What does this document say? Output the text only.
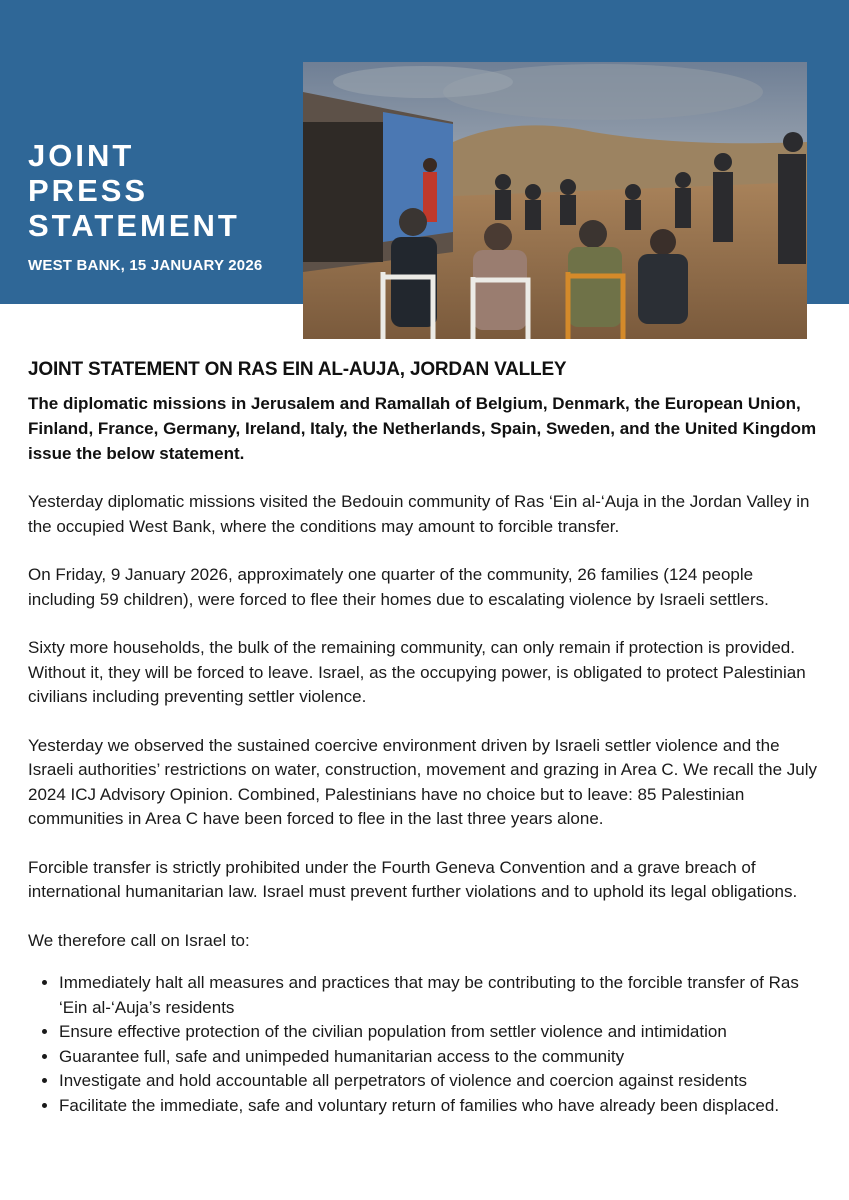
JOINT
PRESS
STATEMENT

WEST BANK, 15 JANUARY 2026

JOINT STATEMENT ON RAS EIN AL-AUJA, JORDAN VALLEY

The diplomatic missions in Jerusalem and Ramallah of Belgium, Denmark, the European Union, Finland, France, Germany, Ireland, Italy, the Netherlands, Spain, Sweden, and the United Kingdom issue the below statement.

Yesterday diplomatic missions visited the Bedouin community of Ras ‘Ein al-‘Auja in the Jordan Valley in the occupied West Bank, where the conditions may amount to forcible transfer.

On Friday, 9 January 2026, approximately one quarter of the community, 26 families (124 people including 59 children), were forced to flee their homes due to escalating violence by Israeli settlers.

Sixty more households, the bulk of the remaining community, can only remain if protection is provided. Without it, they will be forced to leave. Israel, as the occupying power, is obligated to protect Palestinian civilians including preventing settler violence.

Yesterday we observed the sustained coercive environment driven by Israeli settler violence and the Israeli authorities’ restrictions on water, construction, movement and grazing in Area C. We recall the July 2024 ICJ Advisory Opinion. Combined, Palestinians have no choice but to leave: 85 Palestinian communities in Area C have been forced to flee in the last three years alone.

Forcible transfer is strictly prohibited under the Fourth Geneva Convention and a grave breach of international humanitarian law. Israel must prevent further violations and to uphold its legal obligations.

We therefore call on Israel to:

• Immediately halt all measures and practices that may be contributing to the forcible transfer of Ras ‘Ein al-‘Auja’s residents
• Ensure effective protection of the civilian population from settler violence and intimidation
• Guarantee full, safe and unimpeded humanitarian access to the community
• Investigate and hold accountable all perpetrators of violence and coercion against residents
• Facilitate the immediate, safe and voluntary return of families who have already been displaced.
